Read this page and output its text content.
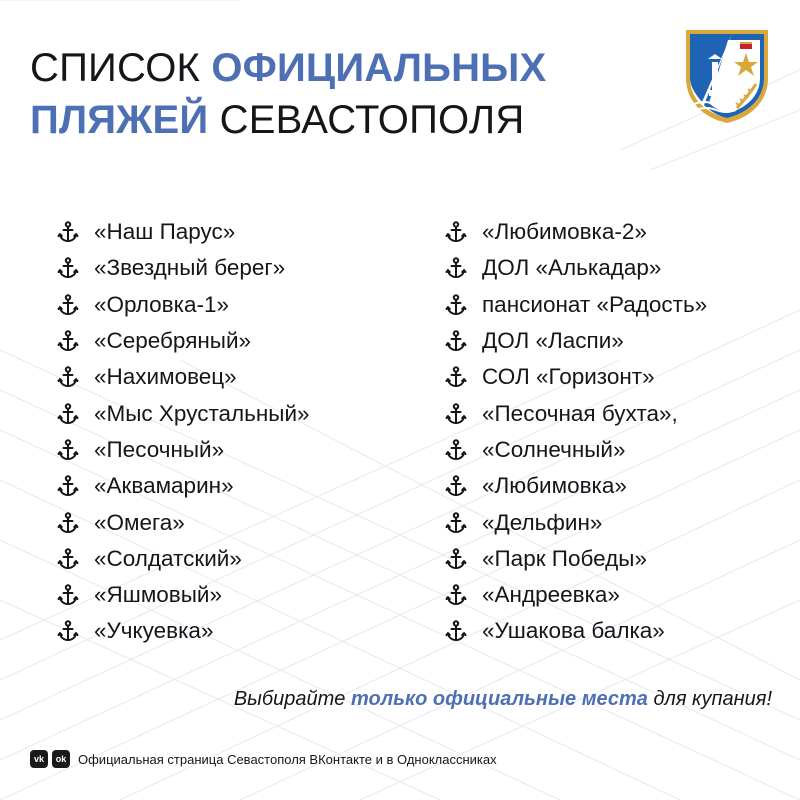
СПИСОК ОФИЦИАЛЬНЫХ
ПЛЯЖЕЙ СЕВАСТОПОЛЯ
«Наш Парус»
«Звездный берег»
«Орловка-1»
«Серебряный»
«Нахимовец»
«Мыс Хрустальный»
«Песочный»
«Аквамарин»
«Омега»
«Солдатский»
«Яшмовый»
«Учкуевка»
«Любимовка-2»
ДОЛ «Алькадар»
пансионат «Радость»
ДОЛ «Ласпи»
СОЛ «Горизонт»
«Песочная бухта»,
«Солнечный»
«Любимовка»
«Дельфин»
«Парк Победы»
«Андреевка»
«Ушакова балка»
Выбирайте только официальные места для купания!
vk	ok Официальная страница Севастополя ВКонтакте и в Одноклассниках
